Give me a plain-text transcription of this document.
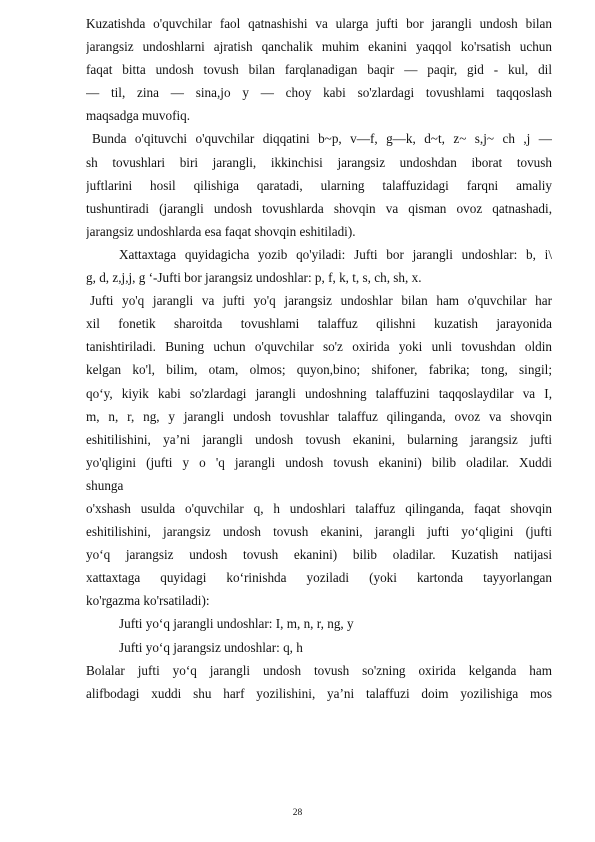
Kuzatishda o'quvchilar faol qatnashishi va ularga jufti bor jarangli undosh bilan
jarangsiz undoshlarni ajratish qanchalik muhim ekanini yaqqol ko'rsatish uchun
faqat bitta undosh tovush bilan farqlanadigan baqir — paqir, gid - kul, dil
— til, zina — sina,jo y — choy kabi so'zlardagi tovushlami taqqoslash
maqsadga muvofiq.
Bunda o'qituvchi o'quvchilar diqqatini b~p, v—f, g—k, d~t, z~ s,j~ ch ,j —
sh tovushlari biri jarangli, ikkinchisi jarangsiz undoshdan iborat tovush
juftlarini hosil qilishiga qaratadi, ularning talaffuzidagi farqni amaliy
tushuntiradi (jarangli undosh tovushlarda shovqin va qisman ovoz qatnashadi,
jarangsiz undoshlarda esa faqat shovqin eshitiladi).
Xattaxtaga quyidagicha yozib qo'yiladi: Jufti bor jarangli undoshlar: b, i\
g, d, z,j,j, g ‘-Jufti bor jarangsiz undoshlar: p, f, k, t, s, ch, sh, x.
Jufti yo'q jarangli va jufti yo'q jarangsiz undoshlar bilan ham o'quvchilar har
xil fonetik sharoitda tovushlami talaffuz qilishni kuzatish jarayonida
tanishtiriladi. Buning uchun o'quvchilar so'z oxirida yoki unli tovushdan oldin
kelgan ko'l, bilim, otam, olmos; quyon,bino; shifoner, fabrika; tong, singil;
qo‘y, kiyik kabi so'zlardagi jarangli undoshning talaffuzini taqqoslaydilar va I,
m, n, r, ng, y jarangli undosh tovushlar talaffuz qilinganda, ovoz va shovqin
eshitilishini, ya’ni jarangli undosh tovush ekanini, bularning jarangsiz jufti
yo'qligini (jufti y o 'q jarangli undosh tovush ekanini) bilib oladilar. Xuddi
shunga
o'xshash usulda o'quvchilar q, h undoshlari talaffuz qilinganda, faqat shovqin
eshitilishini, jarangsiz undosh tovush ekanini, jarangli jufti yo‘qligini (jufti
yo‘q jarangsiz undosh tovush ekanini) bilib oladilar. Kuzatish natijasi
xattaxtaga quyidagi ko‘rinishda yoziladi (yoki kartonda tayyorlangan
ko'rgazma ko'rsatiladi):
Jufti yo‘q jarangli undoshlar: I, m, n, r, ng, y
Jufti yo‘q jarangsiz undoshlar: q, h
Bolalar jufti yo‘q jarangli undosh tovush so'zning oxirida kelganda ham
alifbodagi xuddi shu harf yozilishini, ya’ni talaffuzi doim yozilishiga mos
28
